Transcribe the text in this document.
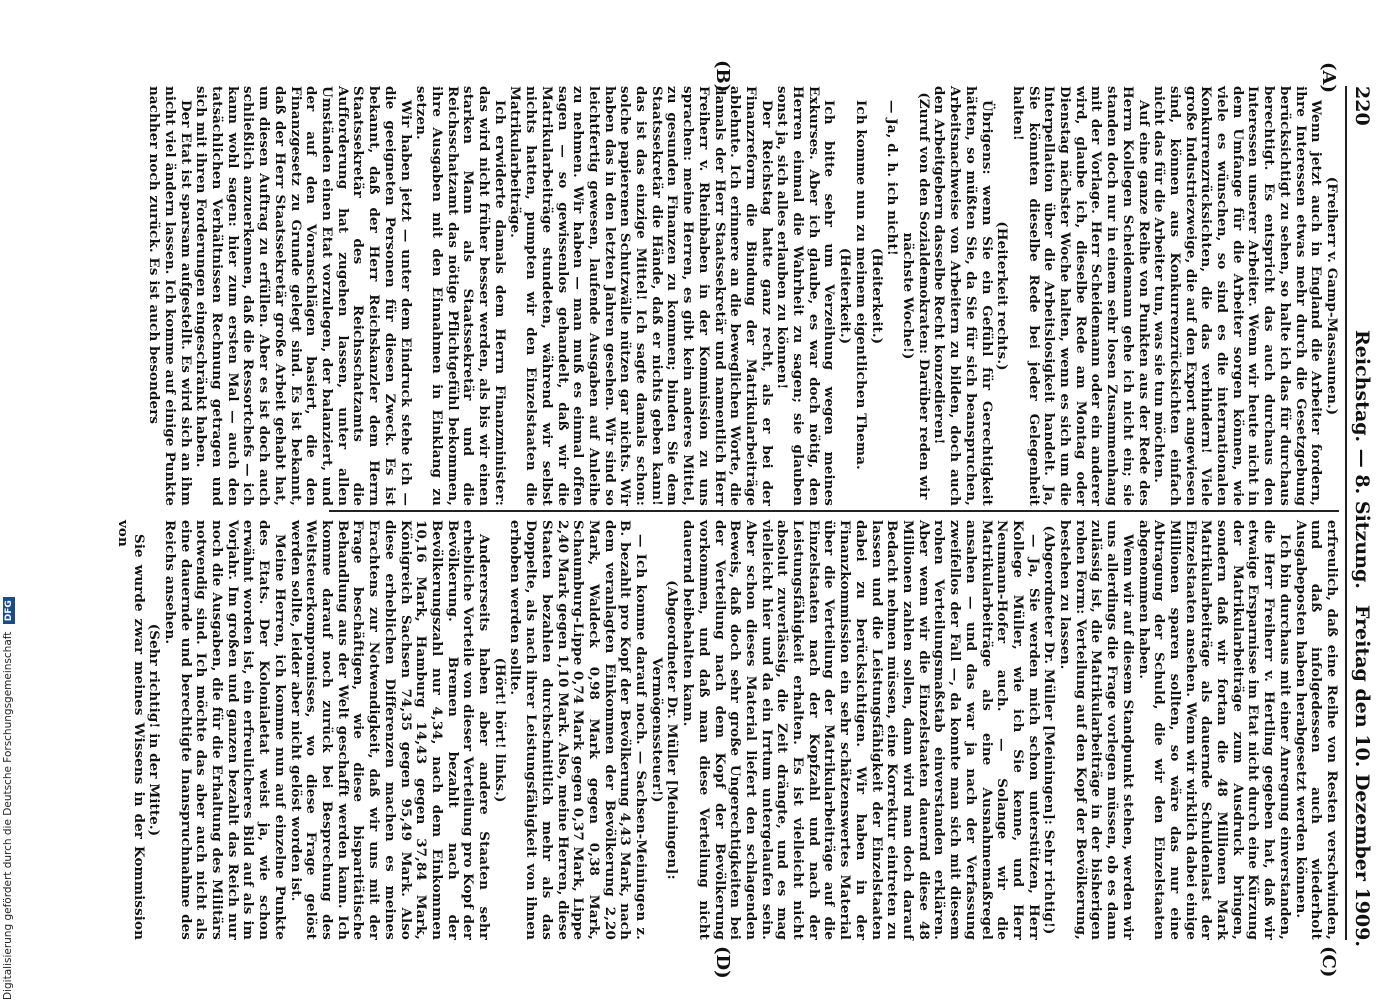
220
Reichstag. — 8. Sitzung.
Freitag den 10. Dezember 1909.
(A)
(B)
(C)
(D)

(Freiherr v. Gamp-Massaunen.)

Wenn jetzt auch in England die Arbeiter fordern, ihre Interessen etwas mehr durch die Gesetzgebung berücksichtigt zu sehen, so halte ich das für durchaus berechtigt. Es entspricht das auch durchaus den Interessen unserer Arbeiter. Wenn wir heute nicht in dem Umfange für die Arbeiter sorgen können, wie viele es wünschen, so sind es die internationalen Konkurrenzrücksichten, die das verhindern! Viele große Industriezweige, die auf den Export angewiesen sind, können aus Konkurrenzrücksichten einfach nicht das für die Arbeiter tun, was sie tun möchten.

Auf eine ganze Reihe von Punkten aus der Rede des Herrn Kollegen Scheidemann gehe ich nicht ein; sie standen doch nur in einem sehr losen Zusammenhang mit der Vorlage. Herr Scheidemann oder ein anderer wird, glaube ich, dieselbe Rede am Montag oder Dienstag nächster Woche halten, wenn es sich um die Interpellation über die Arbeitslosigkeit handelt. Ja, Sie könnten dieselbe Rede bei jeder Gelegenheit halten!

(Heiterkeit rechts.)

Übrigens: wenn Sie ein Gefühl für Gerechtigkeit hätten, so müßten Sie, da Sie für sich beanspruchen, Arbeitsnachweise von Arbeitern zu bilden, doch auch den Arbeitgebern dasselbe Recht konzedieren!

(Zuruf von den Sozialdemokraten: Darüber reden wir nächste Woche!)

— Ja, d. h. ich nicht!

(Heiterkeit.)

Ich komme nun zu meinem eigentlichen Thema.

(Heiterkeit.)

Ich bitte sehr um Verzeihung wegen meines Exkurses. Aber ich glaube, es war doch nötig, den Herren einmal die Wahrheit zu sagen; sie glauben sonst ja, sich alles erlauben zu können!

Der Reichstag hatte ganz recht, als er bei der Finanzreform die Bindung der Matrikularbeiträge ablehnte. Ich erinnere an die beweglichen Worte, die damals der Herr Staatssekretär und namentlich Herr Freiherr v. Rheinbaben in der Kommission zu uns sprachen: meine Herren, es gibt kein anderes Mittel, zu gesunden Finanzen zu kommen; binden Sie dem Staatssekretär die Hände, daß er nichts geben kann! das ist das einzige Mittel! Ich sagte damals schon: solche papierenen Schutzwälle nützen gar nichts. Wir haben das in den letzten Jahren gesehen. Wir sind so leichtfertig gewesen, laufende Ausgaben auf Anleihe zu nehmen. Wir haben — man muß es einmal offen sagen — so gewissenlos gehandelt, daß wir die Matrikularbeiträge stundeten, während wir selbst nichts hatten, pumpten wir den Einzelstaaten die Matrikularbeiträge.

Ich erwiderte damals dem Herrn Finanzminister: das wird nicht früher besser werden, als bis wir einen starken Mann als Staatssekretär und die Reichsschatzamt das nötige Pflichtgefühl bekommen, ihre Ausgaben mit den Einnahmen in Einklang zu setzen.

Wir haben jetzt — unter dem Eindruck stehe ich — die geeigneten Personen für diesen Zweck. Es ist bekannt, daß der Herr Reichskanzler dem Herrn Staatssekretär des Reichsschatzamts die Aufforderung hat zugehen lassen, unter allen Umständen einen Etat vorzulegen, der balanziert, und der auf den Voranschlägen basiert, die den Finanzgesetz zu Grunde gelegt sind. Es ist bekannt, daß der Herr Staatssekretär große Arbeit gehabt hat, um diesen Auftrag zu erfüllen. Aber es ist doch auch schließlich anzuerkennen, daß die Ressortchefs — ich kann wohl sagen: hier zum ersten Mal — auch den tatsächlichen Verhältnissen Rechnung getragen und sich mit ihren Forderungen eingeschränkt haben.

Der Etat ist sparsam aufgestellt. Es wird sich an ihm nicht viel ändern lassen. Ich komme auf einige Punkte nachher noch zurück. Es ist auch besonders

erfreulich, daß eine Reihe von Resten verschwinden, und daß infolgedessen auch wiederholt Ausgabeposten haben herabgesetzt werden können.

Ich bin durchaus mit einer Anregung einverstanden, die Herr Freiherr v. Hertling gegeben hat, daß wir etwaige Ersparnisse im Etat nicht durch eine Kürzung der Matrikularbeiträge zum Ausdruck bringen, sondern daß wir fortan die 48 Millionen Mark Matrikularbeiträge als dauernde Schuldenlast der Einzelstaaten ansehen. Wenn wir wirklich dabei einige Millionen sparen sollten, so wäre das nur eine Abtragung der Schuld, die wir den Einzelstaaten abgenommen haben.

Wenn wir auf diesem Standpunkt stehen, werden wir uns allerdings die Frage vorlegen müssen, ob es dann zulässig ist, die Matrikularbeiträge in der bisherigen rohen Form: Verteilung auf den Kopf der Bevölkerung, bestehen zu lassen.

(Abgeordneter Dr. Müller [Meiningen]: Sehr richtig!)

— Ja, Sie werden mich schon unterstützen, Herr Kollege Müller, wie ich Sie kenne, und Herr Neumann-Hofer auch. — Solange wir die Matrikularbeiträge als eine Ausnahmemaßregel ansahen — und das war ja nach der Verfassung zweifellos der Fall —, da konnte man sich mit diesem rohen Verteilungsmaßstab einverstanden erklären. Aber wenn wir die Einzelstaaten dauernd diese 48 Millionen zahlen sollen, dann wird man doch darauf Bedacht nehmen müssen, eine Korrektur eintreten zu lassen und die Leistungsfähigkeit der Einzelstaaten dabei zu berücksichtigen. Wir haben in der Finanzkommission ein sehr schätzenswertes Material über die Verteilung der Matrikularbeiträge auf die Einzelstaaten nach der Kopfzahl und nach der Leistungsfähigkeit erhalten. Es ist vielleicht nicht absolut zuverlässig, die Zeit drängte, und es mag vielleicht hier und da ein Irrtum untergelaufen sein. Aber schon dieses Material liefert den schlagenden Beweis, daß doch sehr große Ungerechtigkeiten bei der Verteilung nach dem Kopf der Bevölkerung vorkommen, und daß man diese Verteilung nicht dauernd beibehalten kann.

(Abgeordneter Dr. Müller [Meiningen]: Vermögenssteuer!)

— Ich komme darauf noch. — Sachsen-Meiningen z. B. bezahlt pro Kopf der Bevölkerung 4,43 Mark, nach dem veranlagten Einkommen der Bevölkerung 2,20 Mark, Waldeck 0,98 Mark gegen 0,38 Mark, Schaumburg-Lippe 0,74 Mark gegen 0,37 Mark, Lippe 2,40 Mark gegen 1,10 Mark. Also, meine Herren, diese Staaten bezahlen durchschnittlich mehr als das Doppelte, als nach ihrer Leistungsfähigkeit von ihnen erhoben werden sollte.

(Hört! hört! links.)

Andererseits haben aber andere Staaten sehr erhebliche Vorteile von dieser Verteilung pro Kopf der Bevölkerung. Bremen bezahlt nach der Bevölkerungszahl nur 4,34, nach dem Einkommen 10,16 Mark, Hamburg 14,43 gegen 37,84 Mark, Königreich Sachsen 74,35 gegen 95,49 Mark. Also diese erheblichen Differenzen machen es meines Erachtens zur Notwendigkeit, daß wir uns mit der Frage beschäftigen, wie diese bisparitätische Behandlung aus der Welt geschafft werden kann. Ich komme darauf noch zurück bei Besprechung des Weltsteuerkompromisses, wo diese Frage gelöst werden sollte, leider aber nicht gelöst worden ist.

Meine Herren, ich komme nun auf einzelne Punkte des Etats. Der Kolonialetat weist ja, wie schon erwähnt worden ist, ein erfreulicheres Bild auf als im Vorjahr. Im großen und ganzen bezahlt das Reich nur noch die Ausgaben, die für die Erhaltung des Militärs notwendig sind. Ich möchte das aber auch nicht als eine dauernde und berechtigte Inanspruchnahme des Reichs ansehen.

(Sehr richtig! in der Mitte.)

Sie wurde zwar meines Wissens in der Kommission von

Digitalisierung gefördert durch die Deutsche Forschungsgemeinschaft DFG
